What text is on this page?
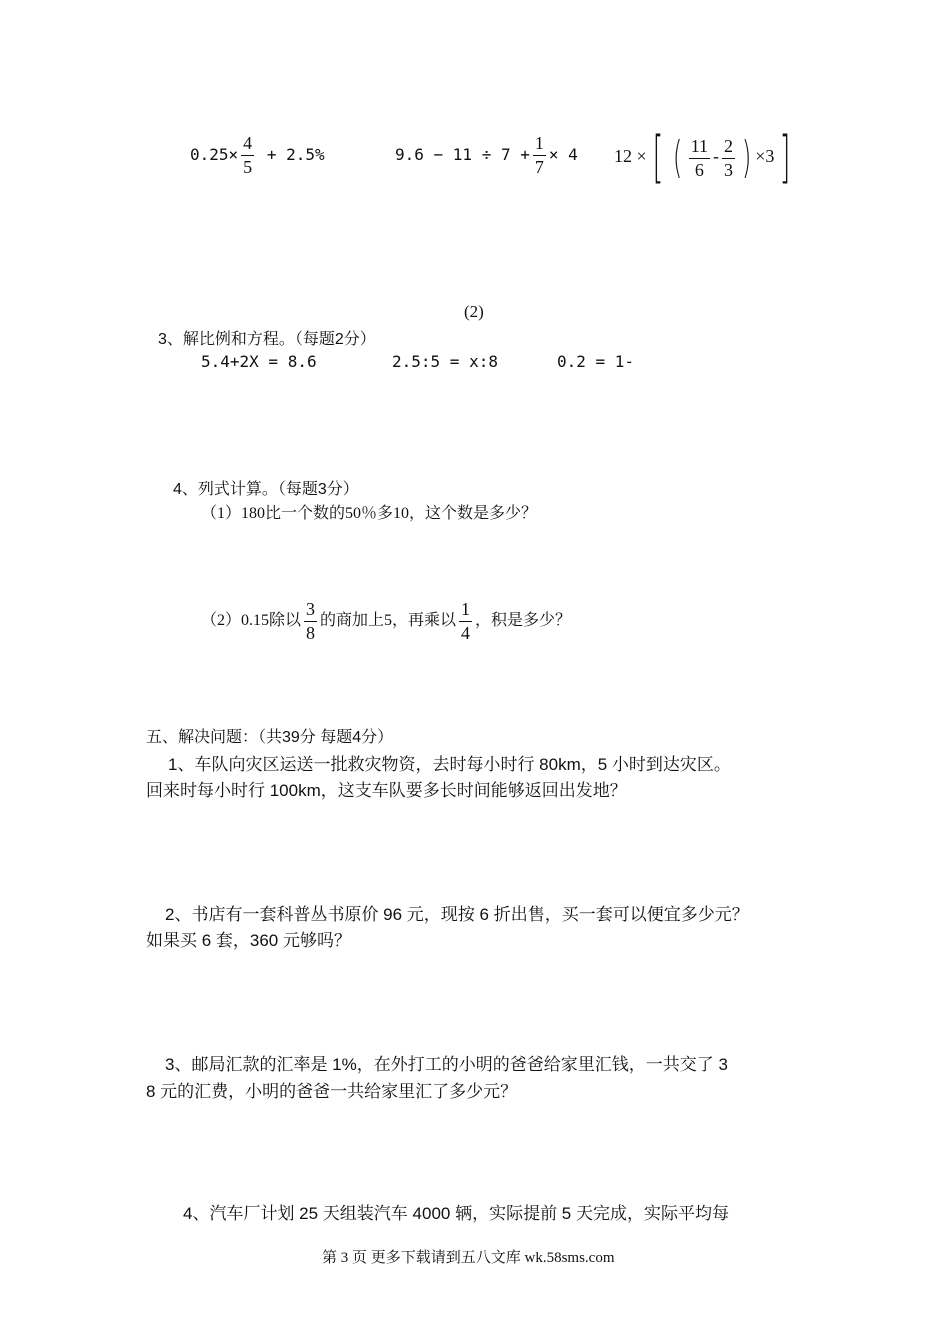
$0.25\times \frac{4}{5} + 2.5\%$	$9.6 - 11 \div 7 + \frac{1}{7} \times 4$ 12 ×[ ( $\frac{11}{6} - \frac{2}{3}$ ) ×3]
(2)
3、解比例和方程。（每题2分）
5.4+2X = 8.6	2.5:5 = x:8	0.2 = 1-
4、列式计算。（每题3分）
（1）180比一个数的50％多10，这个数是多少？
（2）0.15除以 $\frac{3}{8}$ 的商加上5，再乘以 $\frac{1}{4}$ ，积是多少？
五、解决问题：（共39分 每题4分）
1、车队向灾区运送一批救灾物资，去时每小时行 80km，5 小时到达灾区。
回来时每小时行 100km，这支车队要多长时间能够返回出发地？
2、书店有一套科普丛书原价 96 元，现按 6 折出售，买一套可以便宜多少元？
如果买 6 套，360 元够吗？
3、邮局汇款的汇率是 1%，在外打工的小明的爸爸给家里汇钱，一共交了 3
8 元的汇费，小明的爸爸一共给家里汇了多少元？
4、汽车厂计划 25 天组装汽车 4000 辆，实际提前 5 天完成，实际平均每
第 3 页 更多下载请到五八文库 wk.58sms.com
